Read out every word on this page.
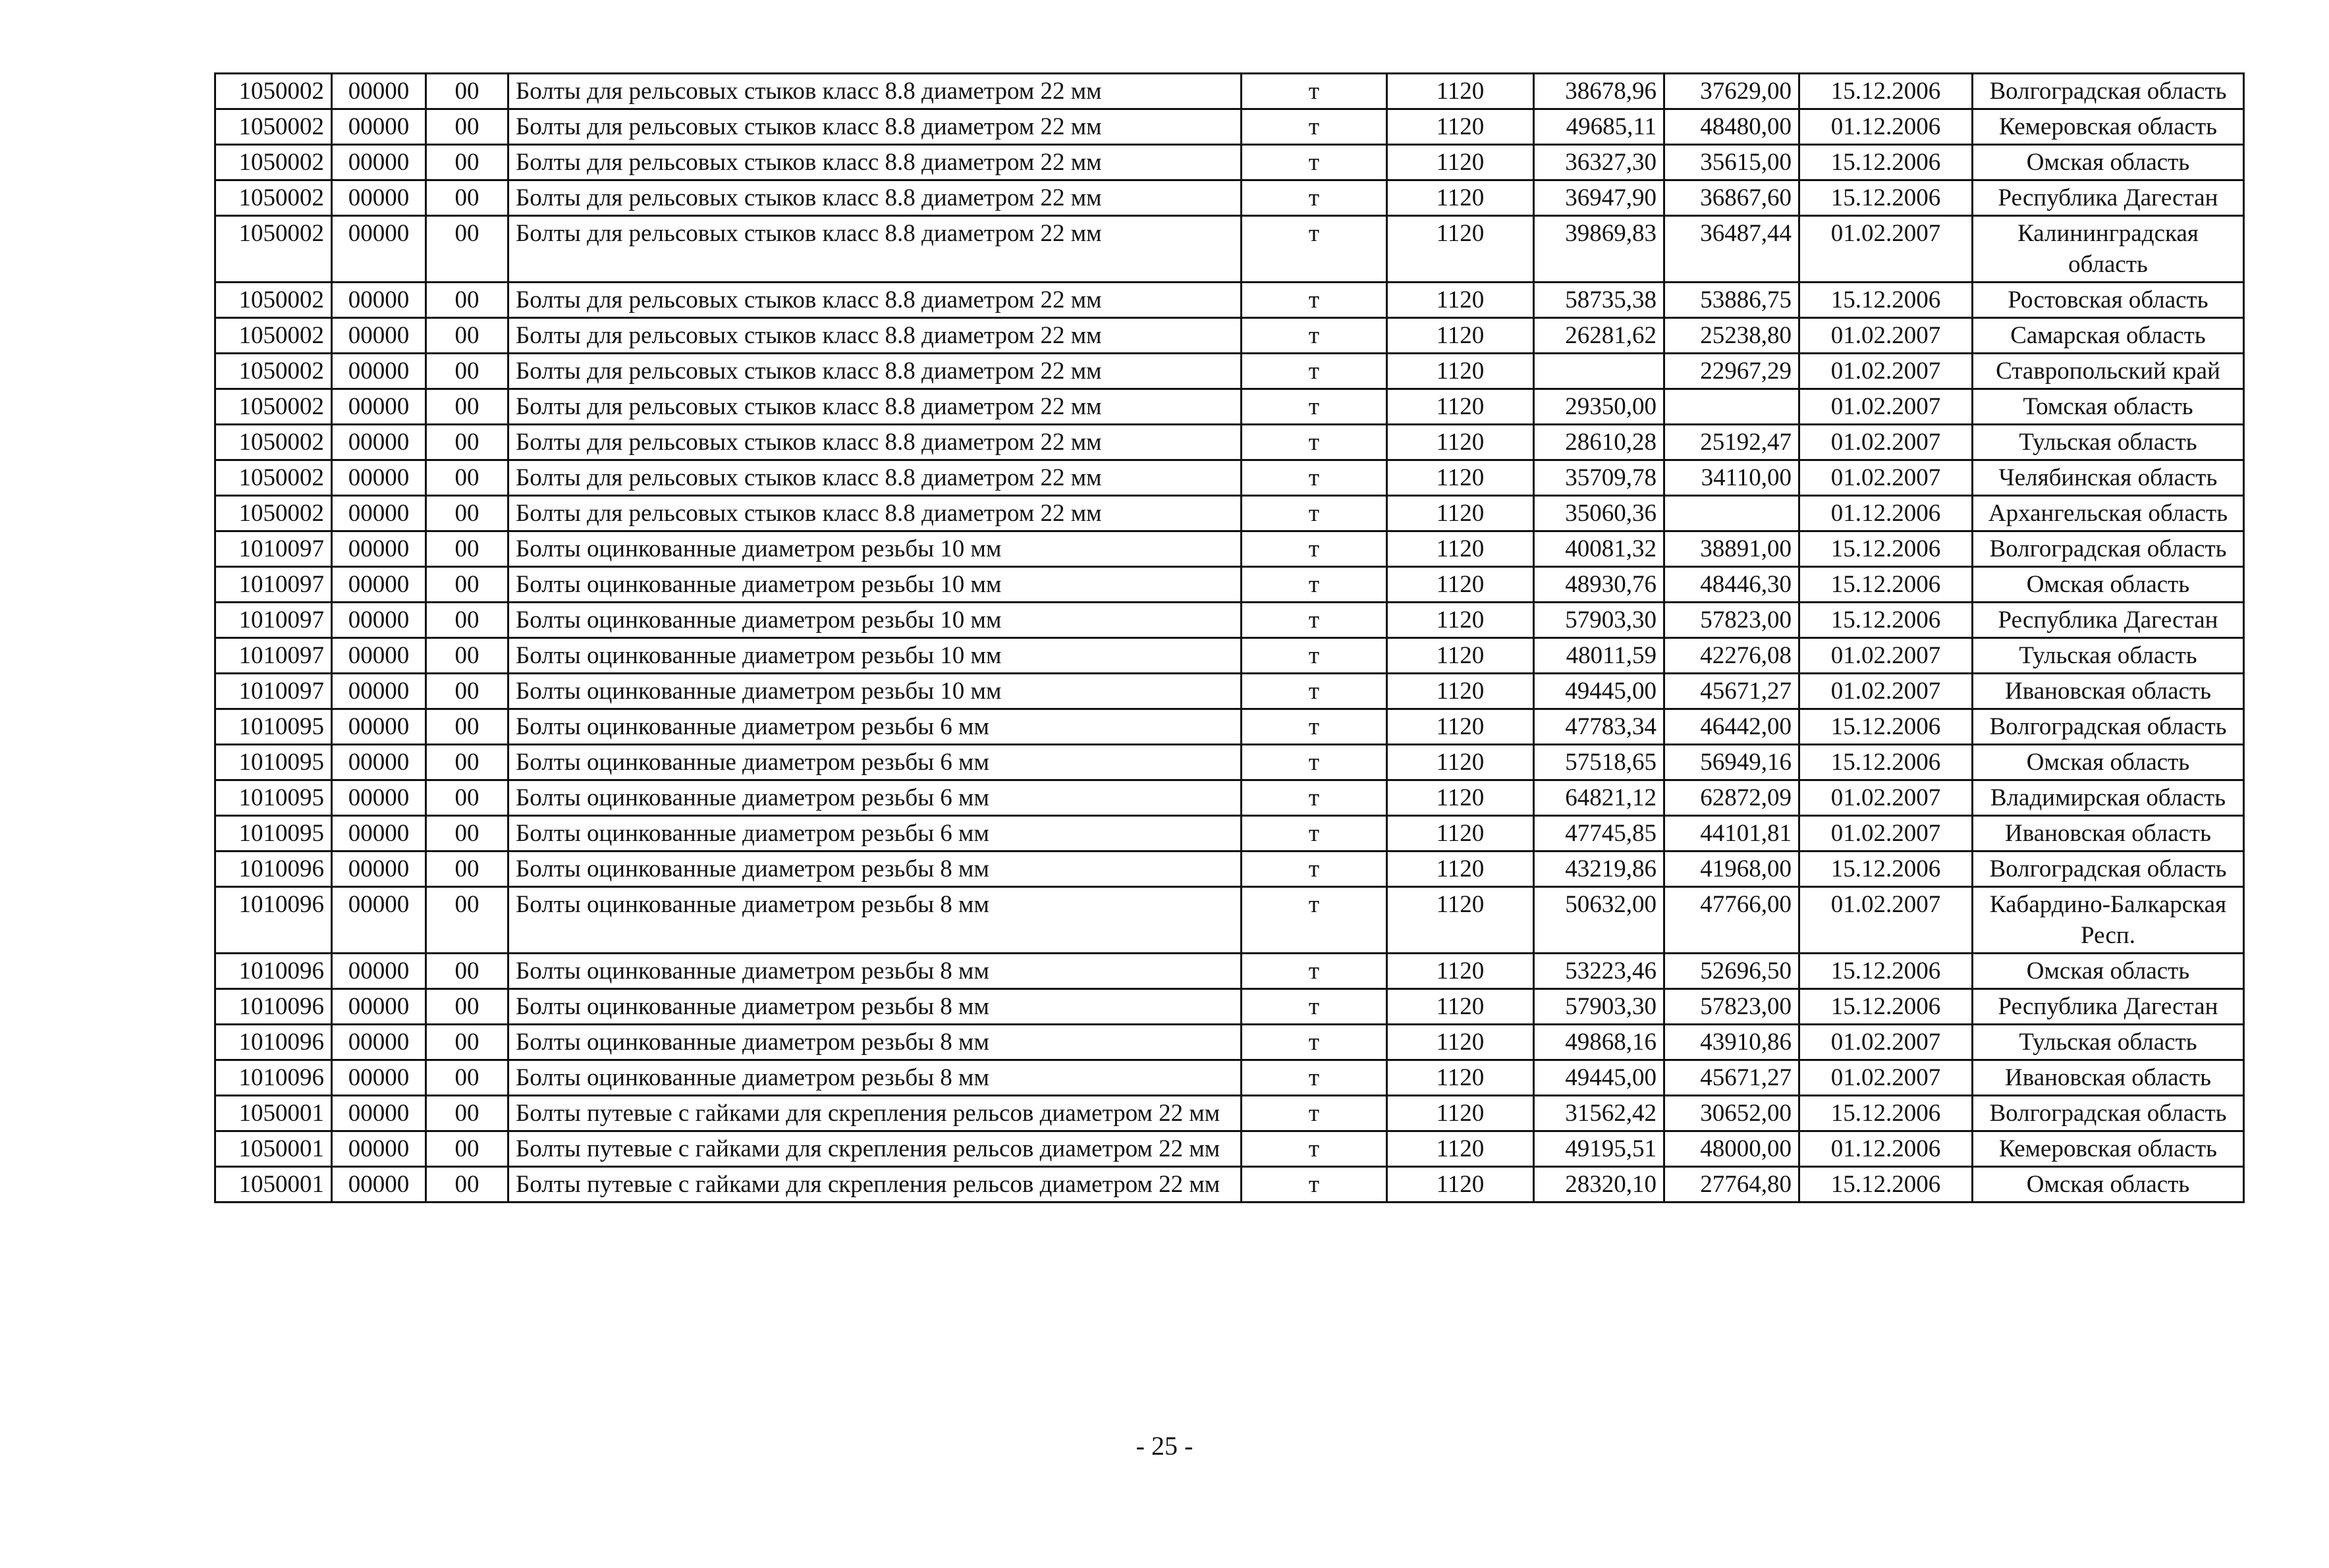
1050002	00000	00	Болты для рельсовых стыков класс 8.8 диаметром 22 мм	т	1120	38678,96	37629,00	15.12.2006	Волгоградская область
1050002	00000	00	Болты для рельсовых стыков класс 8.8 диаметром 22 мм	т	1120	49685,11	48480,00	01.12.2006	Кемеровская область
1050002	00000	00	Болты для рельсовых стыков класс 8.8 диаметром 22 мм	т	1120	36327,30	35615,00	15.12.2006	Омская область
1050002	00000	00	Болты для рельсовых стыков класс 8.8 диаметром 22 мм	т	1120	36947,90	36867,60	15.12.2006	Республика Дагестан
1050002	00000	00	Болты для рельсовых стыков класс 8.8 диаметром 22 мм	т	1120	39869,83	36487,44	01.02.2007	Калининградская область
1050002	00000	00	Болты для рельсовых стыков класс 8.8 диаметром 22 мм	т	1120	58735,38	53886,75	15.12.2006	Ростовская область
1050002	00000	00	Болты для рельсовых стыков класс 8.8 диаметром 22 мм	т	1120	26281,62	25238,80	01.02.2007	Самарская область
1050002	00000	00	Болты для рельсовых стыков класс 8.8 диаметром 22 мм	т	1120		22967,29	01.02.2007	Ставропольский край
1050002	00000	00	Болты для рельсовых стыков класс 8.8 диаметром 22 мм	т	1120	29350,00		01.02.2007	Томская область
1050002	00000	00	Болты для рельсовых стыков класс 8.8 диаметром 22 мм	т	1120	28610,28	25192,47	01.02.2007	Тульская область
1050002	00000	00	Болты для рельсовых стыков класс 8.8 диаметром 22 мм	т	1120	35709,78	34110,00	01.02.2007	Челябинская область
1050002	00000	00	Болты для рельсовых стыков класс 8.8 диаметром 22 мм	т	1120	35060,36		01.12.2006	Архангельская область
1010097	00000	00	Болты оцинкованные диаметром резьбы 10 мм	т	1120	40081,32	38891,00	15.12.2006	Волгоградская область
1010097	00000	00	Болты оцинкованные диаметром резьбы 10 мм	т	1120	48930,76	48446,30	15.12.2006	Омская область
1010097	00000	00	Болты оцинкованные диаметром резьбы 10 мм	т	1120	57903,30	57823,00	15.12.2006	Республика Дагестан
1010097	00000	00	Болты оцинкованные диаметром резьбы 10 мм	т	1120	48011,59	42276,08	01.02.2007	Тульская область
1010097	00000	00	Болты оцинкованные диаметром резьбы 10 мм	т	1120	49445,00	45671,27	01.02.2007	Ивановская область
1010095	00000	00	Болты оцинкованные диаметром резьбы 6 мм	т	1120	47783,34	46442,00	15.12.2006	Волгоградская область
1010095	00000	00	Болты оцинкованные диаметром резьбы 6 мм	т	1120	57518,65	56949,16	15.12.2006	Омская область
1010095	00000	00	Болты оцинкованные диаметром резьбы 6 мм	т	1120	64821,12	62872,09	01.02.2007	Владимирская область
1010095	00000	00	Болты оцинкованные диаметром резьбы 6 мм	т	1120	47745,85	44101,81	01.02.2007	Ивановская область
1010096	00000	00	Болты оцинкованные диаметром резьбы 8 мм	т	1120	43219,86	41968,00	15.12.2006	Волгоградская область
1010096	00000	00	Болты оцинкованные диаметром резьбы 8 мм	т	1120	50632,00	47766,00	01.02.2007	Кабардино-Балкарская Респ.
1010096	00000	00	Болты оцинкованные диаметром резьбы 8 мм	т	1120	53223,46	52696,50	15.12.2006	Омская область
1010096	00000	00	Болты оцинкованные диаметром резьбы 8 мм	т	1120	57903,30	57823,00	15.12.2006	Республика Дагестан
1010096	00000	00	Болты оцинкованные диаметром резьбы 8 мм	т	1120	49868,16	43910,86	01.02.2007	Тульская область
1010096	00000	00	Болты оцинкованные диаметром резьбы 8 мм	т	1120	49445,00	45671,27	01.02.2007	Ивановская область
1050001	00000	00	Болты путевые с гайками для скрепления рельсов диаметром 22 мм	т	1120	31562,42	30652,00	15.12.2006	Волгоградская область
1050001	00000	00	Болты путевые с гайками для скрепления рельсов диаметром 22 мм	т	1120	49195,51	48000,00	01.12.2006	Кемеровская область
1050001	00000	00	Болты путевые с гайками для скрепления рельсов диаметром 22 мм	т	1120	28320,10	27764,80	15.12.2006	Омская область
- 25 -
